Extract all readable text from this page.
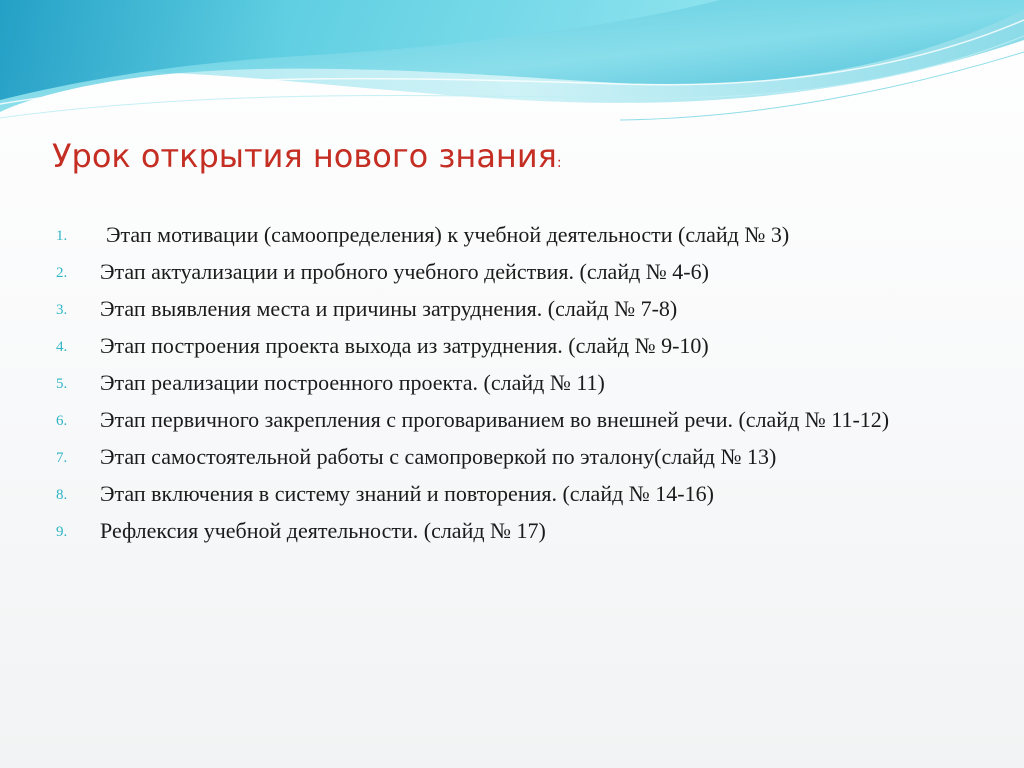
Урок открытия нового знания:
1. Этап мотивации (самоопределения) к учебной деятельности (слайд № 3)
2. Этап актуализации и пробного учебного действия. (слайд № 4-6)
3. Этап выявления места и причины затруднения. (слайд № 7-8)
4. Этап построения проекта выхода из затруднения. (слайд № 9-10)
5. Этап реализации построенного проекта. (слайд № 11)
6. Этап первичного закрепления с проговариванием во внешней речи. (слайд № 11-12)
7. Этап самостоятельной работы с самопроверкой по эталону(слайд № 13)
8. Этап включения в систему знаний и повторения. (слайд № 14-16)
9. Рефлексия учебной деятельности. (слайд № 17)
